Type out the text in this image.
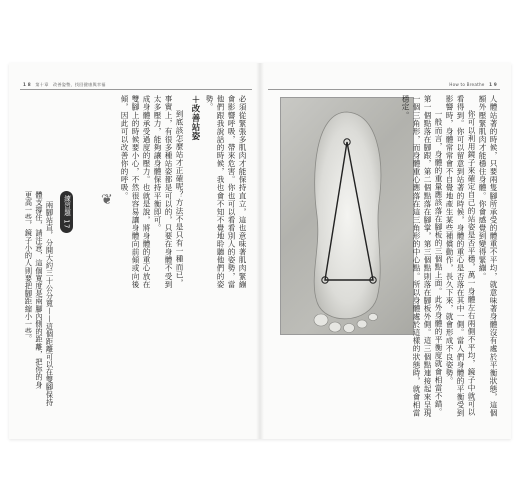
1 8 第十章　改善姿勢，找回健康與幸福

必須從緊張多肌肉才能保持直立，這也意味著肌肉緊繃會影響呼吸，帶來危害。你也可以看看別人的姿勢，當他們跟我說話的時候，我也會不知不覺地聆聽他們的姿勢。

＋改善站姿

到底該怎麼站才正確呢？方法不是只有一種而已，事實上，有很多種站姿都是可以的，只要在身體不受到太多壓力，能夠讓身體保持平衡即可。

成身體承受過度的壓力。也就是說，將身體的重心放在雙腳上的時候要小心，不然很容易讓身體向前傾或向後傾，因此可以改善你的呼吸。

❦
練習題 17

兩腳站直，分開大約三十公分寬——這個距離可以在雙腳保持

體支撐住，請注意，這個寬度是兩腳內側的距離，把你的身

更高一些，鏡子小的人則要把腳距縮小一些。

How to Breathe 1 9

人體站著的時候，只要兩隻腳所承受的體重不平均，就意味著身體沒有處於平衡狀態，這個額外壓緊肌肉才能穩住身體。你會感覺到變得緊繃。

你可以利用鏡子來確定自己的站姿是否平穩，萬一身體左右兩側不平均，鏡子中就可以看得到。你可以留意到站著的時候，身體的重心是否落在其中一側。當人們身體的平衡受到影響時，身體常常會不自覺地產生某些補償動作，長久下來，就會形成不良姿勢。

一般而言，身體的重量應該落在腳板的三個點上面。此外身體的平衡度就會相當不錯。第一個點落在腳跟，第二個點落在腳掌，第三個點則落在腳板外側。這三個點連接起來呈現一個三角形，而身體重心應落在這三角形的中心點。所以身體處於這樣的狀態時，就會相當穩定。
